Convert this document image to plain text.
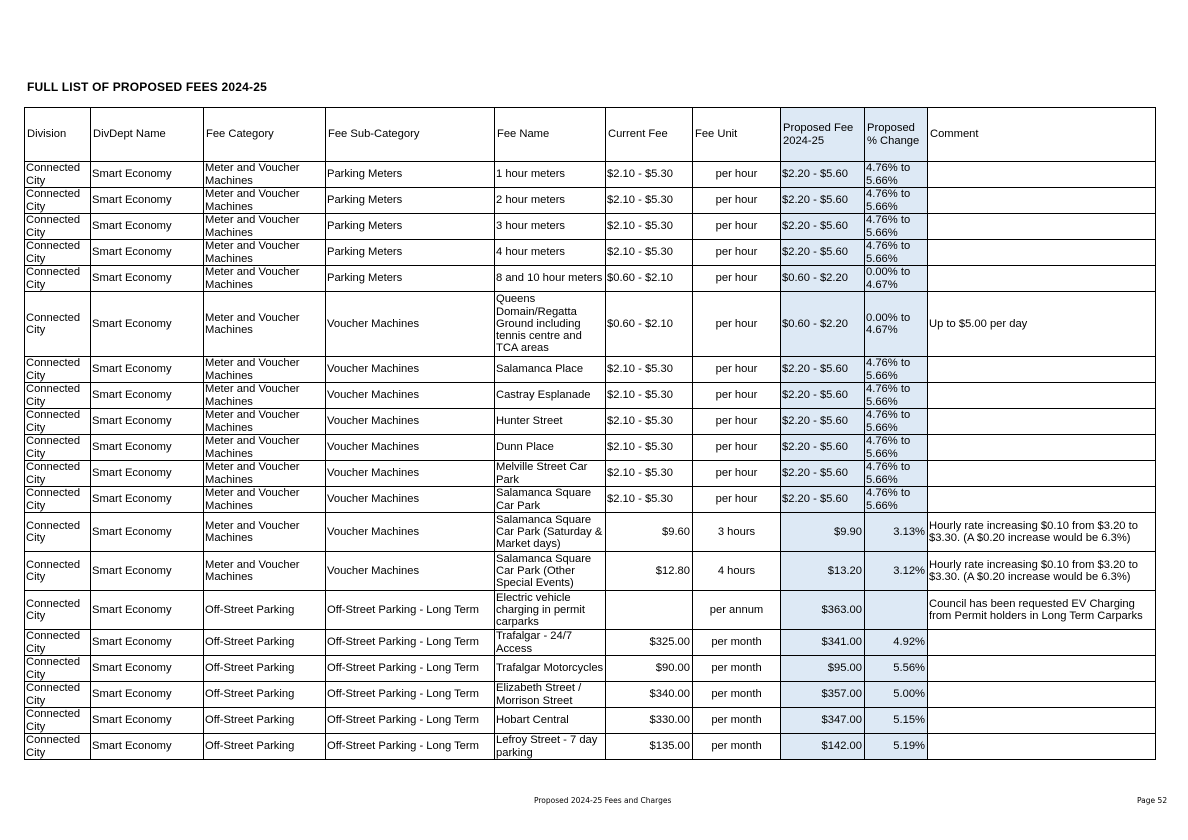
FULL LIST OF PROPOSED FEES 2024-25
Division	DivDept Name	Fee Category	Fee Sub-Category	Fee Name	Current Fee	Fee Unit	Proposed Fee 2024-25	Proposed % Change	Comment
Connected City	Smart Economy	Meter and Voucher Machines	Parking Meters	1 hour meters	$2.10 - $5.30	per hour	$2.20 - $5.60	4.76% to 5.66%	
Connected City	Smart Economy	Meter and Voucher Machines	Parking Meters	2 hour meters	$2.10 - $5.30	per hour	$2.20 - $5.60	4.76% to 5.66%	
Connected City	Smart Economy	Meter and Voucher Machines	Parking Meters	3 hour meters	$2.10 - $5.30	per hour	$2.20 - $5.60	4.76% to 5.66%	
Connected City	Smart Economy	Meter and Voucher Machines	Parking Meters	4 hour meters	$2.10 - $5.30	per hour	$2.20 - $5.60	4.76% to 5.66%	
Connected City	Smart Economy	Meter and Voucher Machines	Parking Meters	8 and 10 hour meters	$0.60 - $2.10	per hour	$0.60 - $2.20	0.00% to 4.67%	
Connected City	Smart Economy	Meter and Voucher Machines	Voucher Machines	Queens Domain/Regatta Ground including tennis centre and TCA areas	$0.60 - $2.10	per hour	$0.60 - $2.20	0.00% to 4.67%	Up to $5.00 per day
Connected City	Smart Economy	Meter and Voucher Machines	Voucher Machines	Salamanca Place	$2.10 - $5.30	per hour	$2.20 - $5.60	4.76% to 5.66%	
Connected City	Smart Economy	Meter and Voucher Machines	Voucher Machines	Castray Esplanade	$2.10 - $5.30	per hour	$2.20 - $5.60	4.76% to 5.66%	
Connected City	Smart Economy	Meter and Voucher Machines	Voucher Machines	Hunter Street	$2.10 - $5.30	per hour	$2.20 - $5.60	4.76% to 5.66%	
Connected City	Smart Economy	Meter and Voucher Machines	Voucher Machines	Dunn Place	$2.10 - $5.30	per hour	$2.20 - $5.60	4.76% to 5.66%	
Connected City	Smart Economy	Meter and Voucher Machines	Voucher Machines	Melville Street Car Park	$2.10 - $5.30	per hour	$2.20 - $5.60	4.76% to 5.66%	
Connected City	Smart Economy	Meter and Voucher Machines	Voucher Machines	Salamanca Square Car Park	$2.10 - $5.30	per hour	$2.20 - $5.60	4.76% to 5.66%	
Connected City	Smart Economy	Meter and Voucher Machines	Voucher Machines	Salamanca Square Car Park (Saturday & Market days)	$9.60	3 hours	$9.90	3.13%	Hourly rate increasing $0.10 from $3.20 to $3.30. (A $0.20 increase would be 6.3%)
Connected City	Smart Economy	Meter and Voucher Machines	Voucher Machines	Salamanca Square Car Park (Other Special Events)	$12.80	4 hours	$13.20	3.12%	Hourly rate increasing $0.10 from $3.20 to $3.30. (A $0.20 increase would be 6.3%)
Connected City	Smart Economy	Off-Street Parking	Off-Street Parking - Long Term	Electric vehicle charging in permit carparks		per annum	$363.00		Council has been requested EV Charging from Permit holders in Long Term Carparks
Connected City	Smart Economy	Off-Street Parking	Off-Street Parking - Long Term	Trafalgar - 24/7 Access	$325.00	per month	$341.00	4.92%	
Connected City	Smart Economy	Off-Street Parking	Off-Street Parking - Long Term	Trafalgar Motorcycles	$90.00	per month	$95.00	5.56%	
Connected City	Smart Economy	Off-Street Parking	Off-Street Parking - Long Term	Elizabeth Street / Morrison Street	$340.00	per month	$357.00	5.00%	
Connected City	Smart Economy	Off-Street Parking	Off-Street Parking - Long Term	Hobart Central	$330.00	per month	$347.00	5.15%	
Connected City	Smart Economy	Off-Street Parking	Off-Street Parking - Long Term	Lefroy Street - 7 day parking	$135.00	per month	$142.00	5.19%	
Proposed 2024-25 Fees and Charges	Page 52
